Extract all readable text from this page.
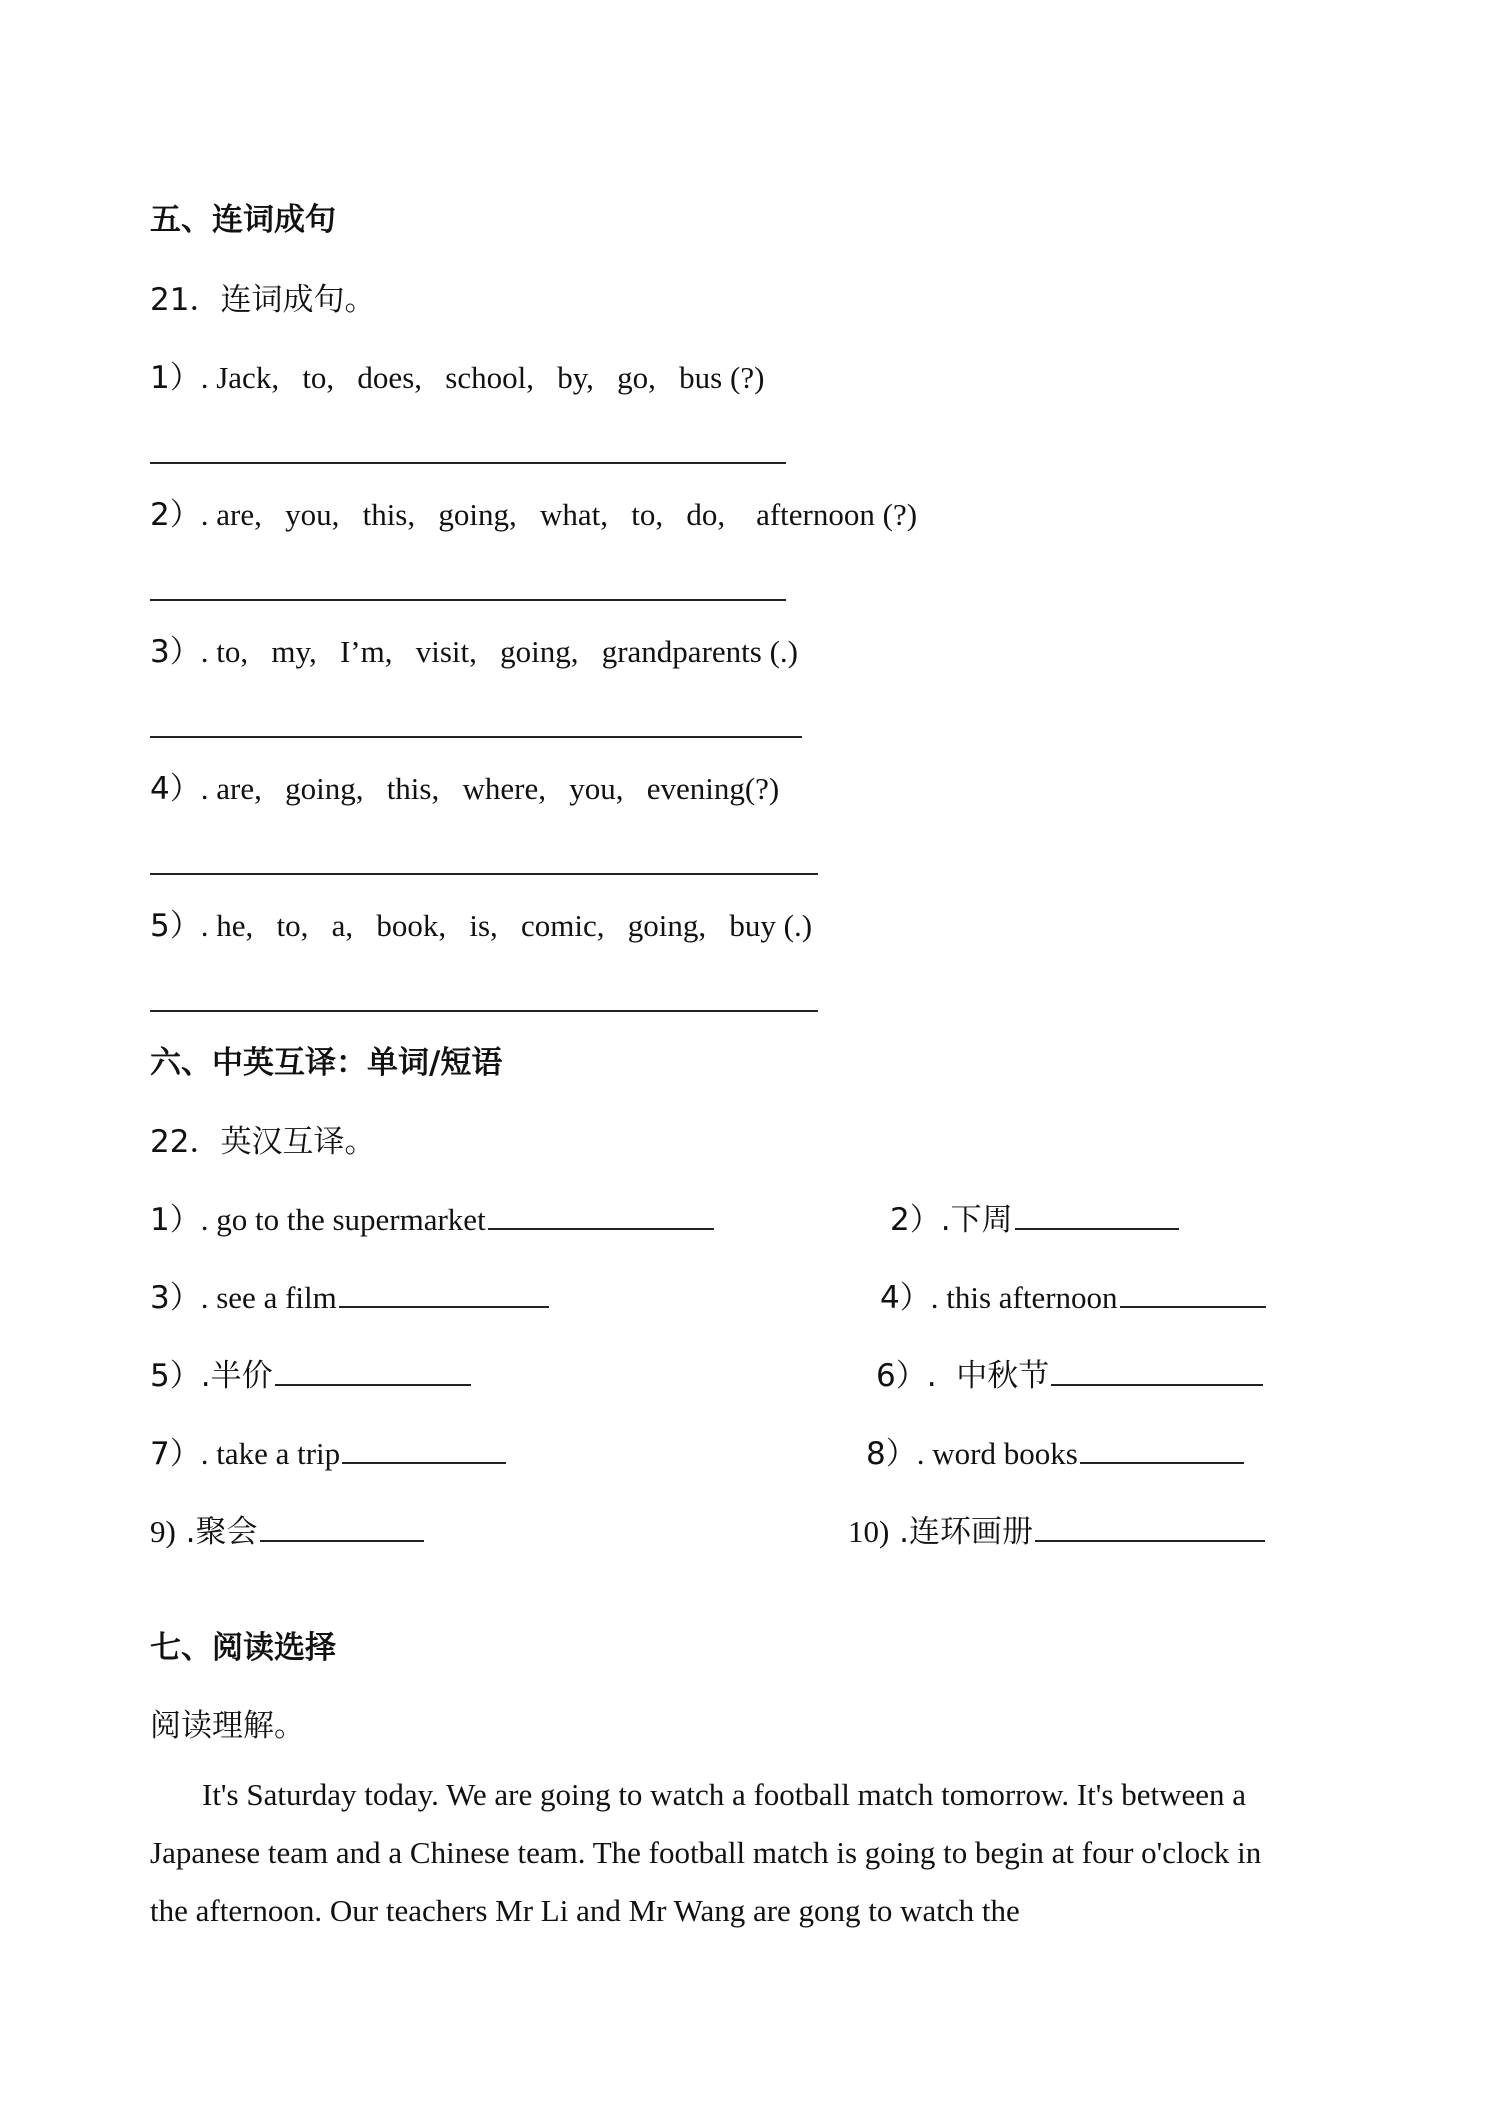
五、连词成句
21．连词成句。
1）. Jack,   to,   does,   school,   by,   go,   bus (?)
2）. are,   you,   this,   going,   what,   to,   do,    afternoon (?)
3）. to,   my,   I’m,   visit,   going,   grandparents (.)
4）. are,   going,   this,   where,   you,   evening(?)
5）. he,   to,   a,   book,   is,   comic,   going,   buy (.)
六、中英互译：单词/短语
22．英汉互译。
1） . go to the supermarket	2） .下周
3） . see a film	4） . this afternoon
5） .半价	6） .  中秋节
7） . take a trip	8） . word books
9) .聚会	10) .连环画册
七、阅读选择
阅读理解。
It's Saturday today. We are going to watch a football match tomorrow. It's between a Japanese team and a Chinese team. The football match is going to begin at four o'clock in the afternoon. Our teachers Mr Li and Mr Wang are gong to watch the
